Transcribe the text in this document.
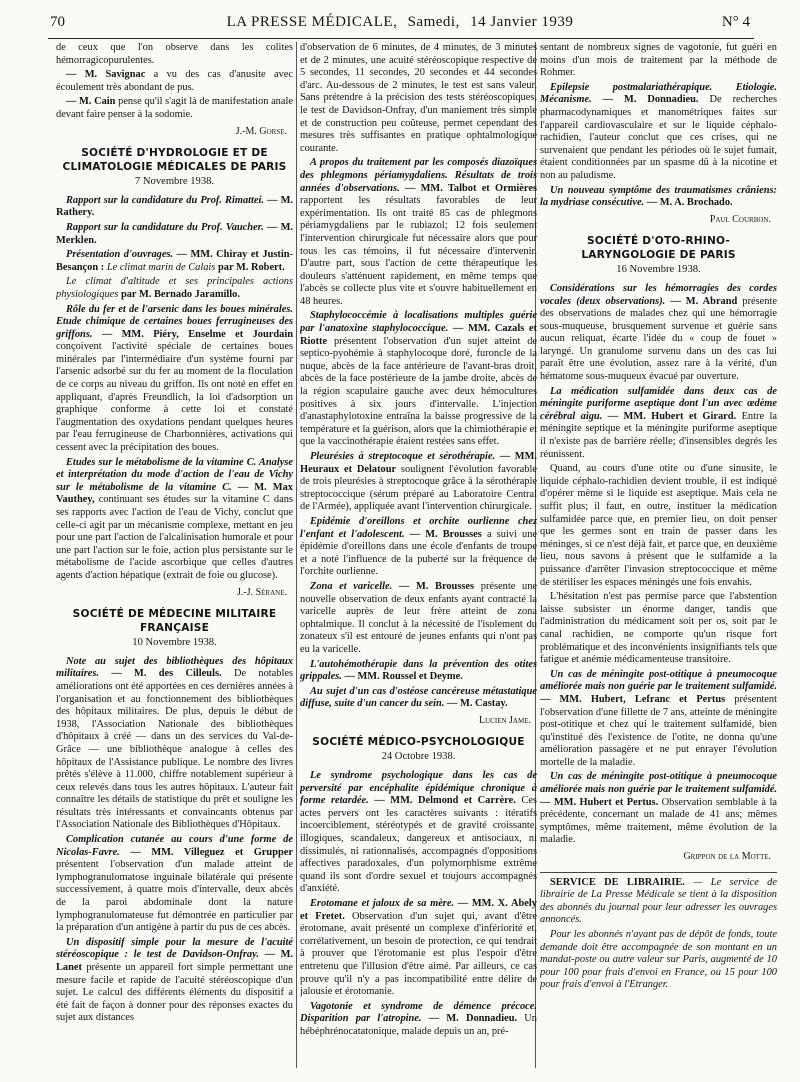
70	LA PRESSE MÉDICALE, Samedi, 14 Janvier 1939	N° 4

de ceux que l'on observe dans les colites hémorragicopurulentes.

— M. Savignac a vu des cas d'anusite avec écoulement très abondant de pus.

— M. Cain pense qu'il s'agit là de manifestation anale devant faire penser à la sodomie.

J.-M. Gorse.
SOCIÉTÉ D'HYDROLOGIE ET DE CLIMATOLOGIE MÉDICALES DE PARIS
7 Novembre 1938.

Rapport sur la candidature du Prof. Rimattei. — M. Rathery.

Rapport sur la candidature du Prof. Vaucher. — M. Merklen.

Présentation d'ouvrages. — MM. Chiray et Justin-Besançon : Le climat marin de Calais par M. Robert.

Le climat d'altitude et ses principales actions physiologiques par M. Bernado Jaramillo.

Rôle du fer et de l'arsenic dans les boues minérales. Etude chimique de certaines boues ferrugineuses des griffons. — MM. Piéry, Enselme et Jourdain conçoivent l'activité spéciale de certaines boues minérales par l'intermédiaire d'un système fourni par l'arsenic adsorbé sur du fer au moment de la floculation de ce corps au niveau du griffon. Ils ont noté en effet en appliquant, d'après Freundlich, la loi d'adsorption un graphique conforme à cette loi et constaté l'augmentation des oxydations pendant quelques heures par l'eau ferrugineuse de Charbonnières, activations qui cessent avec la précipitation des boues.

Etudes sur le métabolisme de la vitamine C. Analyse et interprétation du mode d'action de l'eau de Vichy sur le métabolisme de la vitamine C. — M. Max Vauthey, continuant ses études sur la vitamine C dans ses rapports avec l'action de l'eau de Vichy, conclut que celle-ci agit par un mécanisme complexe, mettant en jeu pour une part l'action de l'alcalinisation humorale et pour une part l'action sur le foie, action plus persistante sur le métabolisme de l'acide ascorbique que celles d'autres agents d'action hépatique (extrait de foie ou glucose).

J.-J. Sérane.
SOCIÉTÉ DE MÉDECINE MILITAIRE FRANÇAISE
10 Novembre 1938.

Note au sujet des bibliothèques des hôpitaux militaires. — M. des Cilleuls. De notables améliorations ont été apportées en ces dernières années à l'organisation et au fonctionnement des bibliothèques des hôpitaux militaires. De plus, depuis le début de 1938, l'Association Nationale des bibliothèques d'hôpitaux à créé — dans un des services du Val-de-Grâce — une bibliothèque analogue à celles des hôpitaux de l'Assistance publique. Le nombre des livres prêtés s'élève à 11.000, chiffre notablement supérieur à ceux relevés dans tous les autres hôpitaux. L'auteur fait connaître les détails de statistique du prêt et souligne les résultats très intéressants et convaincants obtenus par l'Association Nationale des Bibliothèques d'Hôpitaux.

Complication cutanée au cours d'une forme de Nicolas-Favre. — MM. Villeguez et Grupper présentent l'observation d'un malade atteint de lymphogranulomatose inguinale bilatérale qui présente successivement, à quatre mois d'intervalle, deux abcès de la paroi abdominale dont la nature lymphogranulomateuse fut démontrée en particulier par la préparation d'un antigène à partir du pus de ces abcès.

Un dispositif simple pour la mesure de l'acuité stéréoscopique : le test de Davidson-Onfray. — M. Lanet présente un appareil fort simple permettant une mesure facile et rapide de l'acuité stéréoscopique d'un sujet. Le calcul des différents éléments du dispositif a été fait de façon à donner pour des réponses exactes du sujet aux distances

d'observation de 6 minutes, de 4 minutes, de 3 minutes et de 2 minutes, une acuité stéréoscopique respective de 5 secondes, 11 secondes, 20 secondes et 44 secondes d'arc. Au-dessous de 2 minutes, le test est sans valeur. Sans prétendre à la précision des tests stéréoscopiques, le test de Davidson-Onfray, d'un maniement très simple et de construction peu coûteuse, permet cependant des mesures très suffisantes en pratique ophtalmologique courante.

A propos du traitement par les composés diazoïques des phlegmons périamygdaliens. Résultats de trois années d'observations. — MM. Talbot et Ormières rapportent les résultats favorables de leur expérimentation. Ils ont traité 85 cas de phlegmons périamygdaliens par le rubiazol; 12 fois seulement l'intervention chirurgicale fut nécessaire alors que pour tous les cas témoins, il fut nécessaire d'intervenir. D'autre part, sous l'action de cette thérapeutique les douleurs s'atténuent rapidement, en même temps que l'abcès se collecte plus vite et s'ouvre habituellement en 48 heures.

Staphylococcémie à localisations multiples guérie par l'anatoxine staphylococcique. — MM. Cazals et Riotte présentent l'observation d'un sujet atteint de septico-pyohémie à staphylocoque doré, furoncle de la nuque, abcès de la face antérieure de l'avant-bras droit, abcès de la face postérieure de la jambe droite, abcès de la région scapulaire gauche avec deux hémocultures positives à six jours d'intervalle. L'injection d'anastaphylotoxine entraîna la baisse progressive de la température et la guérison, alors que la chimiothérapie et que la vaccinothérapie étaient restées sans effet.

Pleurésies à streptocoque et sérothérapie. — MM. Heuraux et Delatour soulignent l'évolution favorable de trois pleurésies à streptocoque grâce à la sérothérapie streptococcique (sérum préparé au Laboratoire Central de l'Armée), appliquée avant l'intervention chirurgicale.

Epidémie d'oreillons et orchite ourlienne chez l'enfant et l'adolescent. — M. Brousses a suivi une épidémie d'oreillons dans une école d'enfants de troupe et a noté l'influence de la puberté sur la fréquence de l'orchite ourlienne.

Zona et varicelle. — M. Brousses présente une nouvelle observation de deux enfants ayant contracté la varicelle auprès de leur frère atteint de zona ophtalmique. Il conclut à la nécessité de l'isolement du zonateux s'il est entouré de jeunes enfants qui n'ont pas eu la varicelle.

L'autohémothérapie dans la prévention des otites grippales. — MM. Roussel et Deyme.

Au sujet d'un cas d'ostéose cancéreuse métastatique diffuse, suite d'un cancer du sein. — M. Castay.

Lucien Jame.
SOCIÉTÉ MÉDICO-PSYCHOLOGIQUE
24 Octobre 1938.

Le syndrome psychologique dans les cas de perversité par encéphalite épidémique chronique à forme retardée. — MM. Delmond et Carrère. Ces actes pervers ont les caractères suivants : itératifs incoerciblement, stéréotypés et de gravité croissante, illogiques, scandaleux, dangereux et antisociaux, ni dissimulés, ni rationnalisés, accompagnés d'oppositions affectives paradoxales, d'un polymorphisme extrême quand ils sont d'ordre sexuel et toujours accompagnés d'anxiété.

Erotomane et jaloux de sa mère. — MM. X. Abely et Fretet. Observation d'un sujet qui, avant d'être érotomane, avait présenté un complexe d'infériorité et, corrélativement, un besoin de protection, ce qui tendrait à prouver que l'érotomanie est plus l'espoir d'être entretenu que l'illusion d'être aimé. Par ailleurs, ce cas prouve qu'il n'y a pas incompatibilité entre délire de jalousie et érotomanie.

Vagotonie et syndrome de démence précoce. Disparition par l'atropine. — M. Donnadieu. Un hébéphrénocatatonique, malade depuis un an, pré-

sentant de nombreux signes de vagotonie, fut guéri en moins d'un mois de traitement par la méthode de Rohmer.

Epilepsie postmalariathérapique. Etiologie. Mécanisme. — M. Donnadieu. De recherches pharmacodynamiques et manométriques faites sur l'appareil cardiovasculaire et sur le liquide céphalo-rachidien, l'auteur conclut que ces crises, qui ne survenaient que pendant les périodes où le sujet fumait, étaient conditionnées par un spasme dû à la nicotine et non au paludisme.

Un nouveau symptôme des traumatismes crâniens: la mydriase consécutive. — M. A. Brochado.

Paul Courbon.
SOCIÉTÉ D'OTO-RHINO-LARYNGOLOGIE DE PARIS
16 Novembre 1938.

Considérations sur les hémorragies des cordes vocales (deux observations). — M. Abrand présente des observations de malades chez qui une hémorragie sous-muqueuse, brusquement survenue et guérie sans aucun reliquat, écarte l'idée du « coup de fouet » laryngé. Un granulome survenu dans un des cas lui paraît être une évolution, assez rare à la vérité, d'un hématome sous-muqueux évacué par ouverture.

La médication sulfamidée dans deux cas de méningite puriforme aseptique dont l'un avec œdème cérébral aigu. — MM. Hubert et Girard. Entre la méningite septique et la méningite puriforme aseptique il n'existe pas de barrière réelle; d'insensibles degrés les réunissent.

Quand, au cours d'une otite ou d'une sinusite, le liquide céphalo-rachidien devient trouble, il est indiqué d'opérer même si le liquide est aseptique. Mais cela ne suffit plus; il faut, en outre, instituer la médication sulfamidée parce que, en premier lieu, on doit penser que les germes sont en train de passer dans les méninges, si ce n'est déjà fait, et parce que, en deuxième lieu, nous savons à présent que le sulfamide a la puissance d'arrêter l'invasion streptococcique et même de stériliser les espaces méningés une fois envahis.

L'hésitation n'est pas permise parce que l'abstention laisse subsister un énorme danger, tandis que l'administration du médicament soit per os, soit par le canal rachidien, ne comporte qu'un risque fort problématique et des inconvénients insignifiants tels que fatigue et anémie médicamenteuse transitoire.

Un cas de méningite post-otitique à pneumocoque améliorée mais non guérie par le traitement sulfamidé. — MM. Hubert, Lefranc et Pertus présentent l'observation d'une fillette de 7 ans, atteinte de méningite post-otitique et chez qui le traitement sulfamidé, bien qu'institué dès l'existence de l'otite, ne donna qu'une amélioration passagère et ne put enrayer l'évolution mortelle de la maladie.

Un cas de méningite post-otitique à pneumocoque améliorée mais non guérie par le traitement sulfamidé. — MM. Hubert et Pertus. Observation semblable à la précédente, concernant un malade de 41 ans; mêmes symptômes, même traitement, même évolution de la maladie.

Grippon de la Motte.

SERVICE DE LIBRAIRIE. — Le service de librairie de La Presse Médicale se tient à la disposition des abonnés du journal pour leur adresser les ouvrages annoncés.

Pour les abonnés n'ayant pas de dépôt de fonds, toute demande doit être accompagnée de son montant en un mandat-poste ou autre valeur sur Paris, augmenté de 10 pour 100 pour frais d'envoi en France, ou 15 pour 100 pour frais d'envoi à l'Etranger.
